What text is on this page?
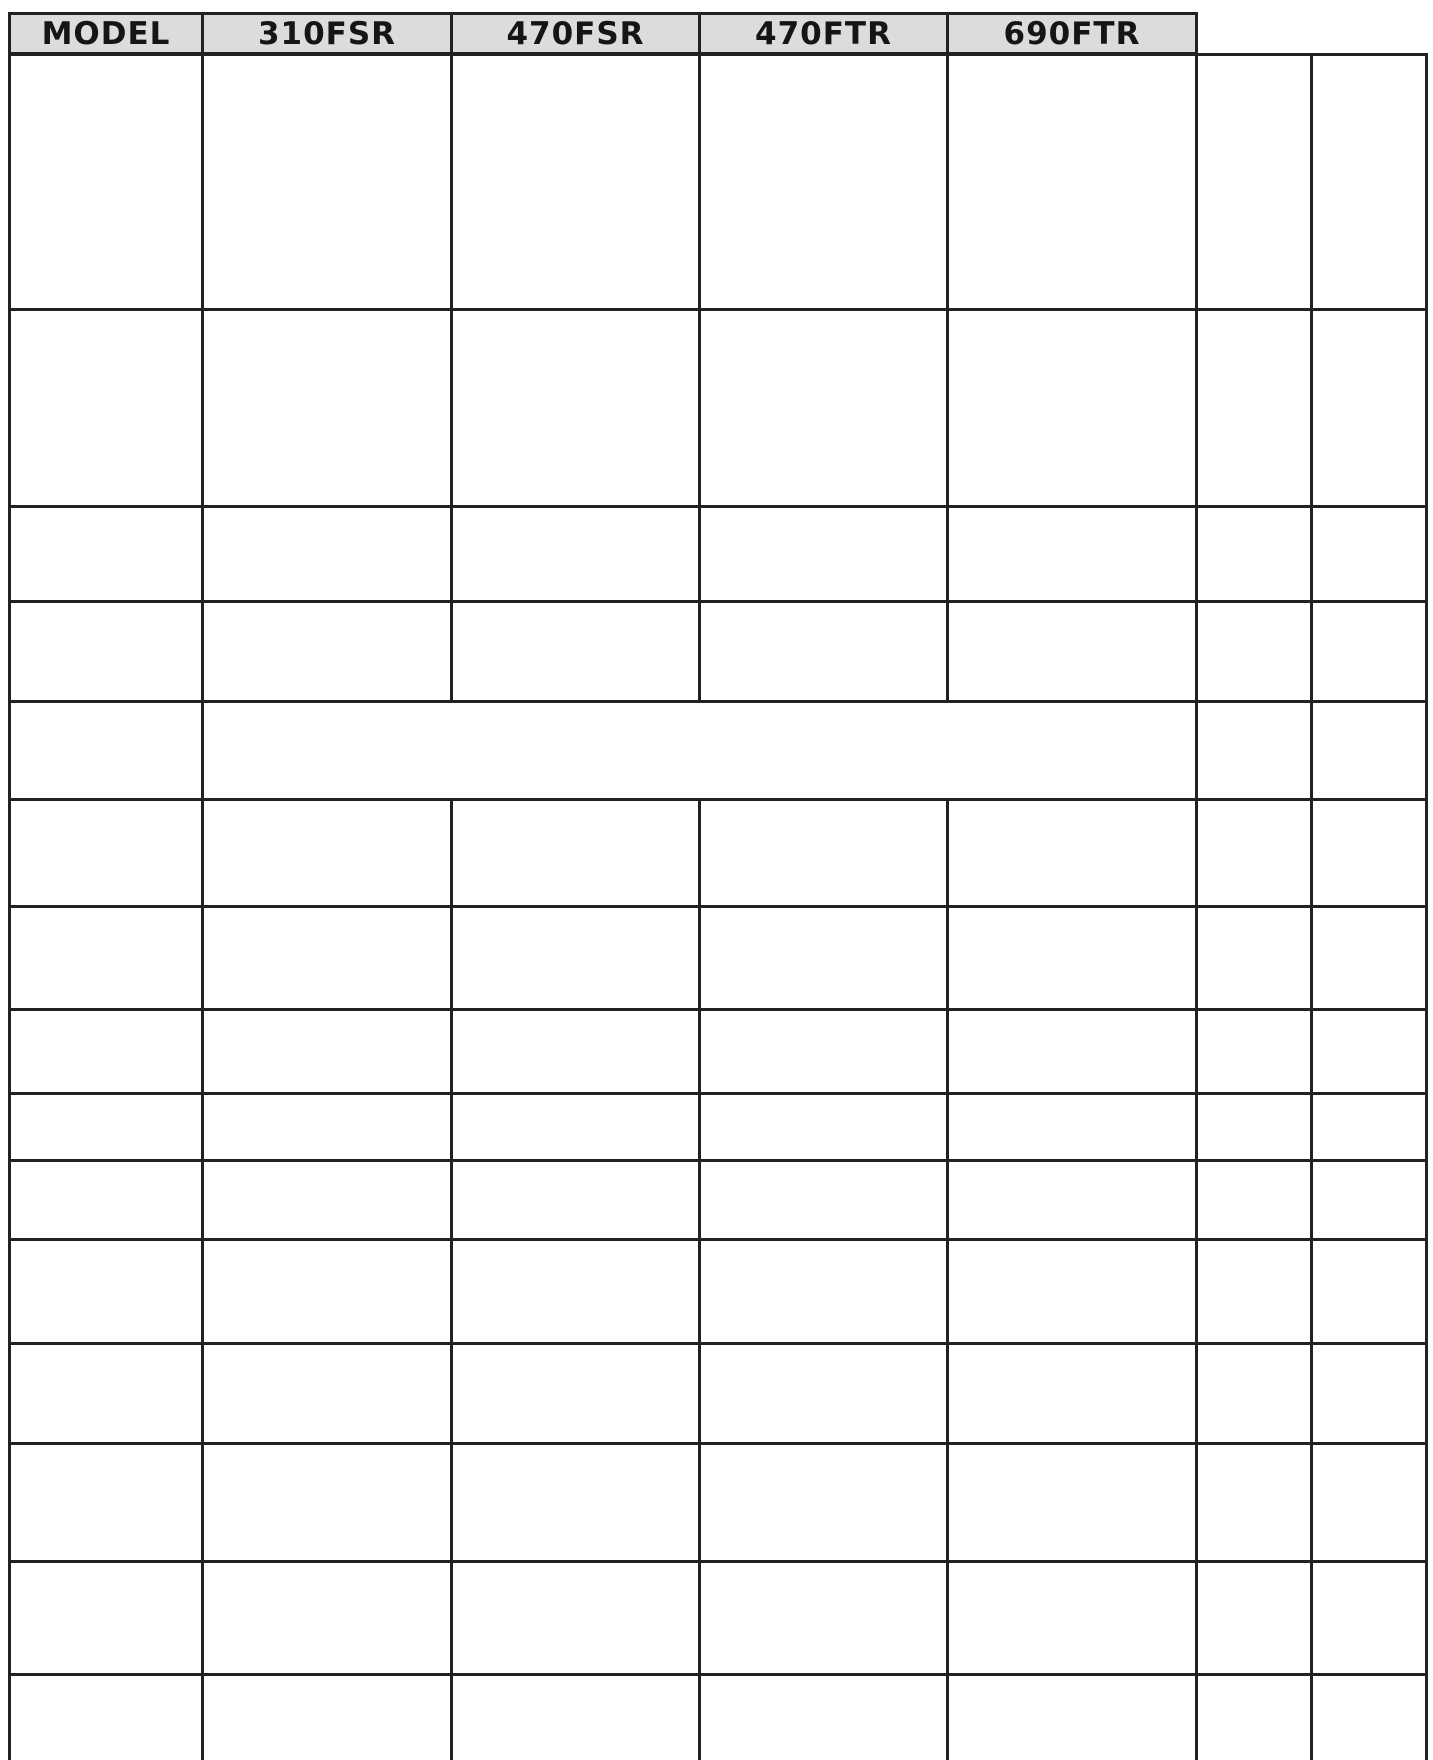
MODEL	310FSR	470FSR	470FTR	690FTR
